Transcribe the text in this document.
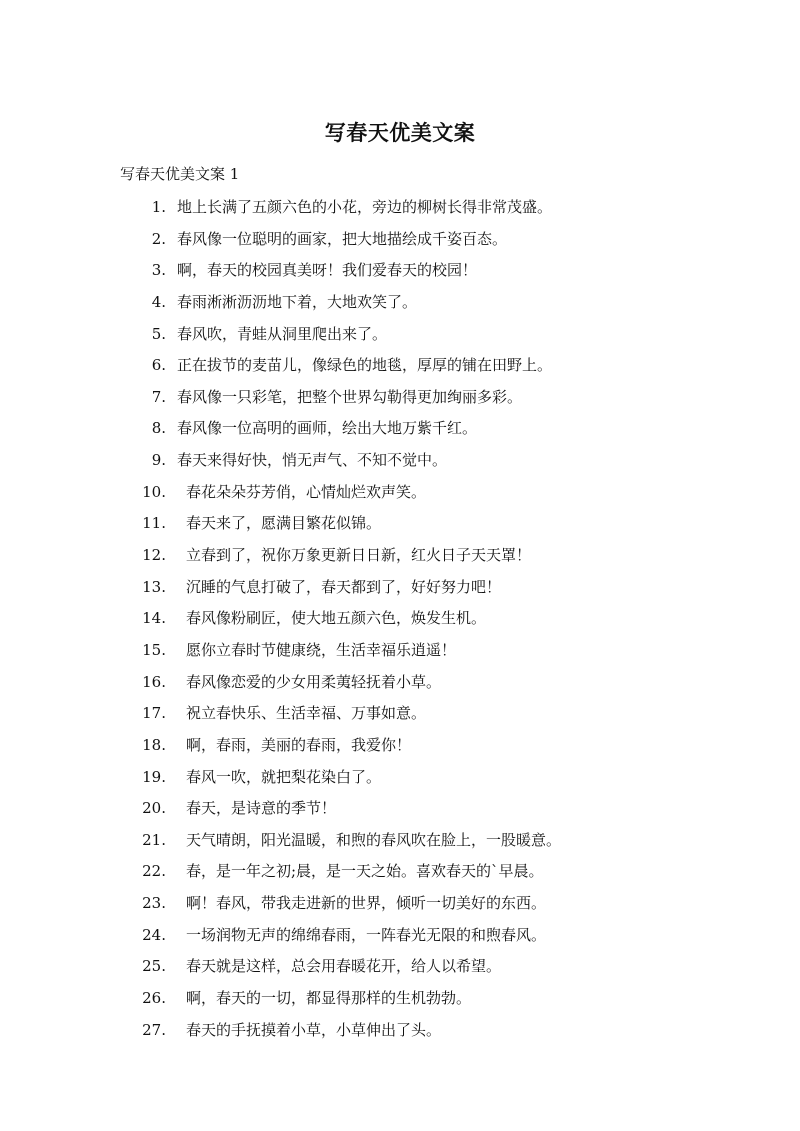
写春天优美文案

写春天优美文案 1

1. 地上长满了五颜六色的小花，旁边的柳树长得非常茂盛。
2. 春风像一位聪明的画家，把大地描绘成千姿百态。
3. 啊，春天的校园真美呀！我们爱春天的校园！
4. 春雨淅淅沥沥地下着，大地欢笑了。
5. 春风吹，青蛙从洞里爬出来了。
6. 正在拔节的麦苗儿，像绿色的地毯，厚厚的铺在田野上。
7. 春风像一只彩笔，把整个世界勾勒得更加绚丽多彩。
8. 春风像一位高明的画师，绘出大地万紫千红。
9. 春天来得好快，悄无声气、不知不觉中。
10. 春花朵朵芬芳俏，心情灿烂欢声笑。
11. 春天来了，愿满目繁花似锦。
12. 立春到了，祝你万象更新日日新，红火日子天天罩！
13. 沉睡的气息打破了，春天都到了，好好努力吧！
14. 春风像粉刷匠，使大地五颜六色，焕发生机。
15. 愿你立春时节健康绕，生活幸福乐逍遥！
16. 春风像恋爱的少女用柔荑轻抚着小草。
17. 祝立春快乐、生活幸福、万事如意。
18. 啊，春雨，美丽的春雨，我爱你！
19. 春风一吹，就把梨花染白了。
20. 春天，是诗意的季节！
21. 天气晴朗，阳光温暖，和煦的春风吹在脸上，一股暖意。
22. 春，是一年之初;晨，是一天之始。喜欢春天的`早晨。
23. 啊！春风，带我走进新的世界，倾听一切美好的东西。
24. 一场润物无声的绵绵春雨，一阵春光无限的和煦春风。
25. 春天就是这样，总会用春暖花开，给人以希望。
26. 啊，春天的一切，都显得那样的生机勃勃。
27. 春天的手抚摸着小草，小草伸出了头。
